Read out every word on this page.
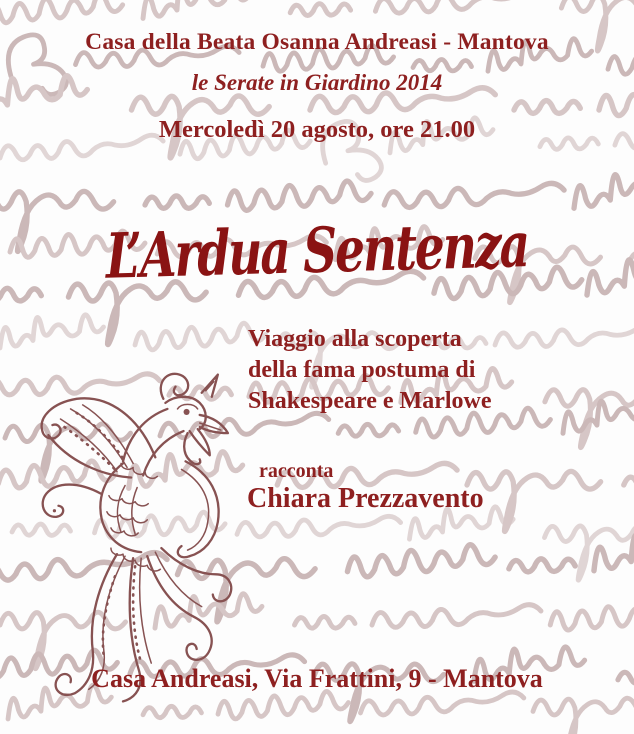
Casa della Beata Osanna Andreasi - Mantova
le Serate in Giardino 2014
Mercoledì 20 agosto, ore 21.00
L’Ardua Sentenza
Viaggio alla scoperta
della fama postuma di
Shakespeare e Marlowe
racconta
Chiara Prezzavento
Casa Andreasi, Via Frattini, 9 - Mantova
